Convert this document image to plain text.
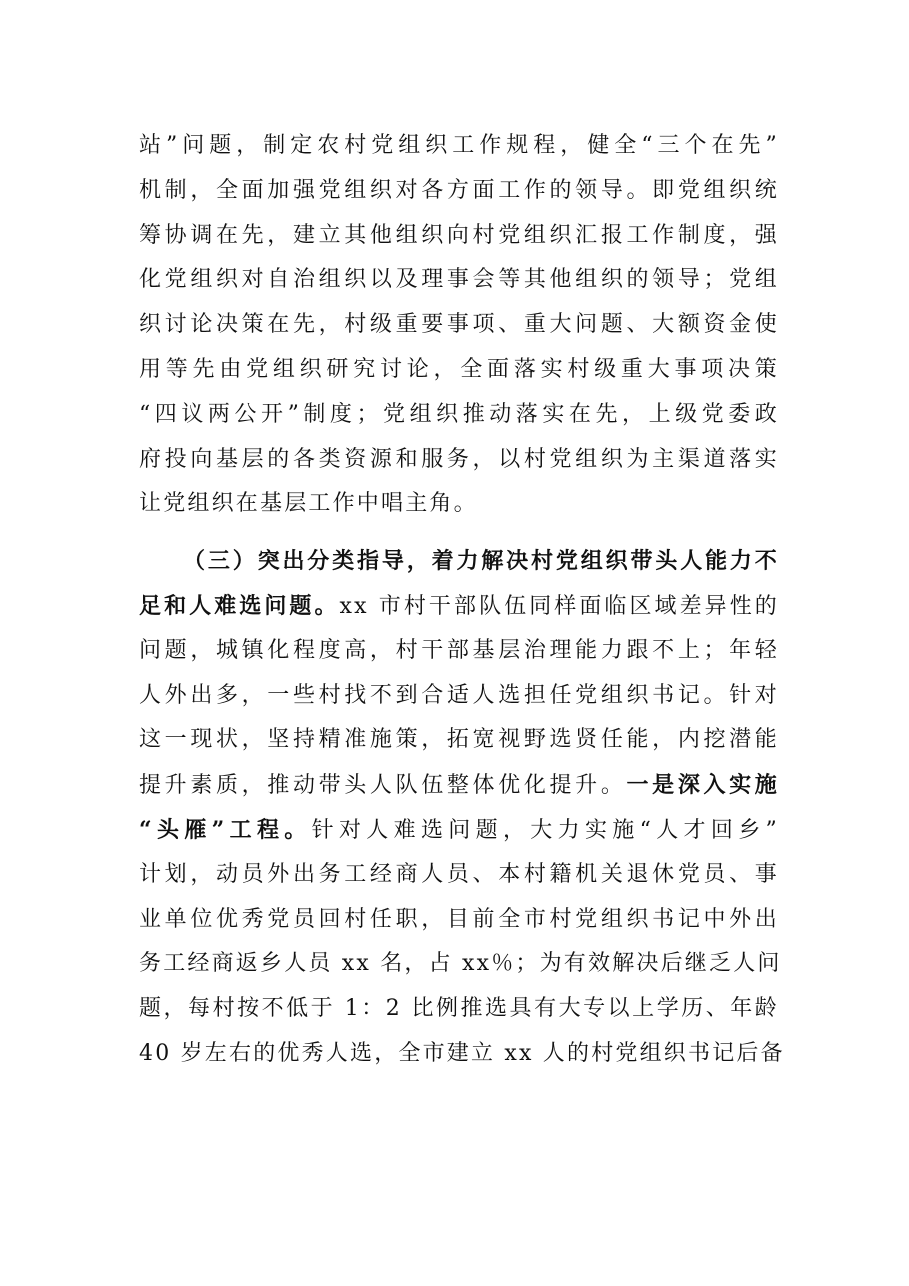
站”问题，制定农村党组织工作规程，健全“三个在先”
机制，全面加强党组织对各方面工作的领导。即党组织统
筹协调在先，建立其他组织向村党组织汇报工作制度，强
化党组织对自治组织以及理事会等其他组织的领导；党组
织讨论决策在先，村级重要事项、重大问题、大额资金使
用等先由党组织研究讨论，全面落实村级重大事项决策
“四议两公开”制度；党组织推动落实在先，上级党委政
府投向基层的各类资源和服务，以村党组织为主渠道落实
让党组织在基层工作中唱主角。
（三）突出分类指导，着力解决村党组织带头人能力不
足和人难选问题。xx 市村干部队伍同样面临区域差异性的
问题，城镇化程度高，村干部基层治理能力跟不上；年轻
人外出多，一些村找不到合适人选担任党组织书记。针对
这一现状，坚持精准施策，拓宽视野选贤任能，内挖潜能
提升素质，推动带头人队伍整体优化提升。一是深入实施
“头雁”工程。针对人难选问题，大力实施“人才回乡”
计划，动员外出务工经商人员、本村籍机关退休党员、事
业单位优秀党员回村任职，目前全市村党组织书记中外出
务工经商返乡人员 xx 名，占 xx％；为有效解决后继乏人问
题，每村按不低于 1：2 比例推选具有大专以上学历、年龄
40 岁左右的优秀人选，全市建立 xx 人的村党组织书记后备
